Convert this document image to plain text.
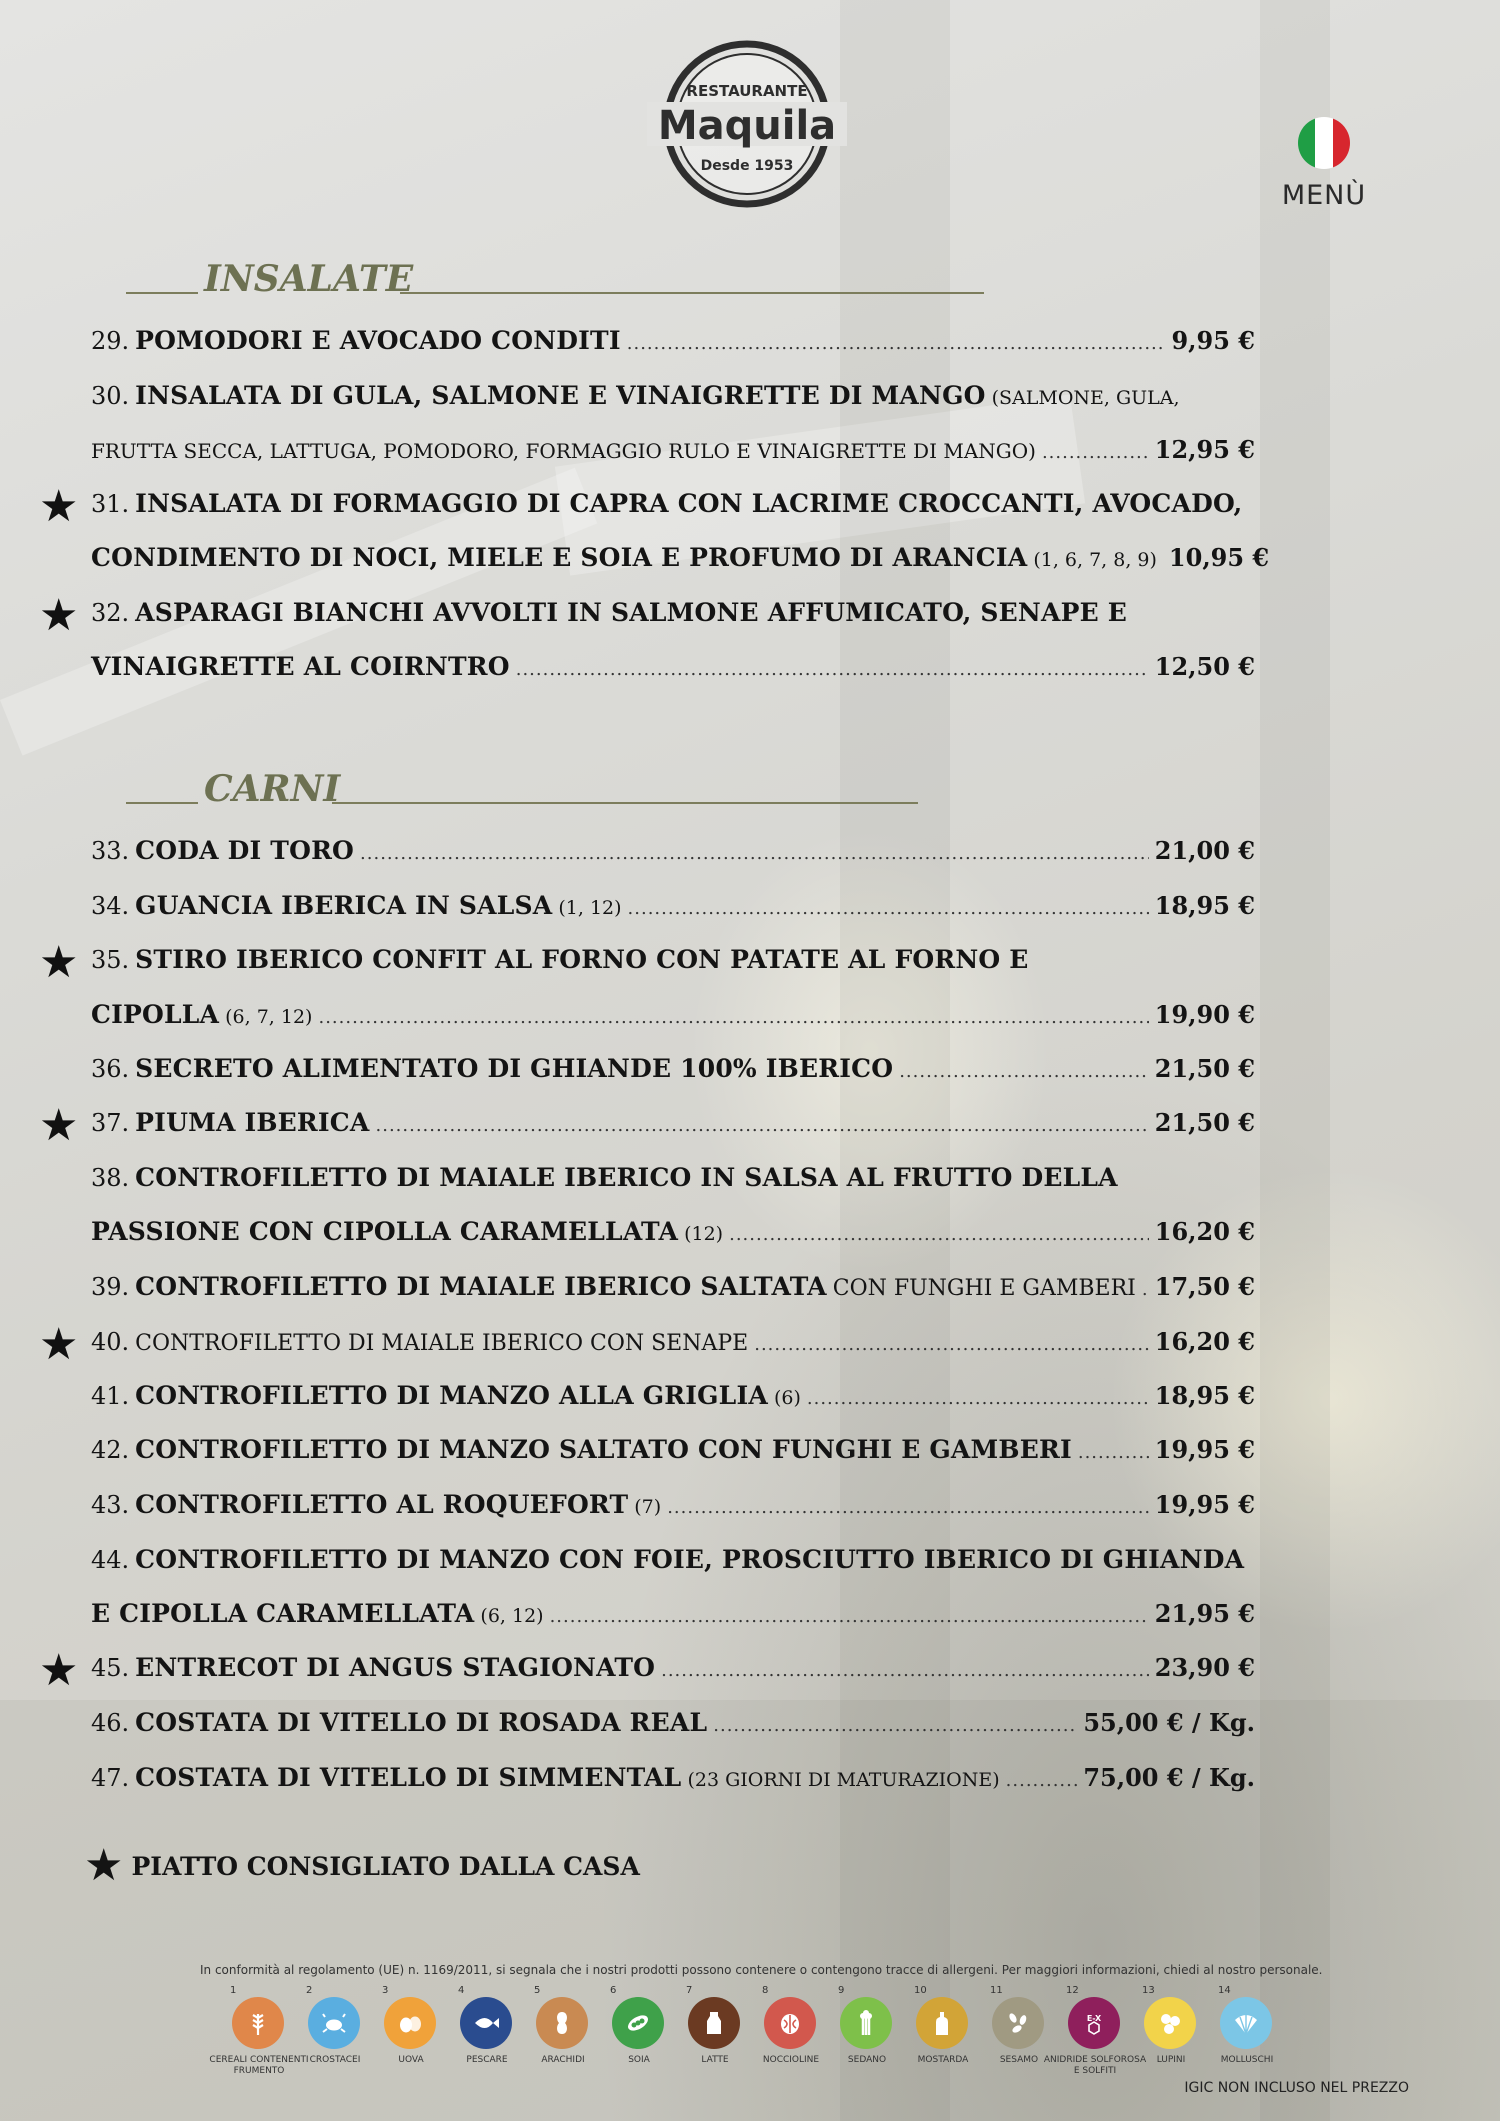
RESTAURANTE
Maquila
Desde 1953
MENÙ
INSALATE
29. POMODORI E AVOCADO CONDITI .....	9,95 €
30. INSALATA DI GULA, SALMONE E VINAIGRETTE DI MANGO (SALMONE, GULA,
FRUTTA SECCA, LATTUGA, POMODORO, FORMAGGIO RULO E VINAIGRETTE DI MANGO) .....	12,95 €
★ 31. INSALATA DI FORMAGGIO DI CAPRA CON LACRIME CROCCANTI, AVOCADO,
CONDIMENTO DI NOCI, MIELE E SOIA E PROFUMO DI ARANCIA (1, 6, 7, 8, 9) 10,95 €
★ 32. ASPARAGI BIANCHI AVVOLTI IN SALMONE AFFUMICATO, SENAPE E
VINAIGRETTE AL COIRNTRO .....	12,50 €
CARNI
33. CODA DI TORO .....	21,00 €
34. GUANCIA IBERICA IN SALSA (1, 12) .....	18,95 €
★ 35. STIRO IBERICO CONFIT AL FORNO CON PATATE AL FORNO E
CIPOLLA (6, 7, 12) .....	19,90 €
36. SECRETO ALIMENTATO DI GHIANDE 100% IBERICO .....	21,50 €
★ 37. PIUMA IBERICA .....	21,50 €
38. CONTROFILETTO DI MAIALE IBERICO IN SALSA AL FRUTTO DELLA
PASSIONE CON CIPOLLA CARAMELLATA (12) .....	16,20 €
39. CONTROFILETTO DI MAIALE IBERICO SALTATA CON FUNGHI E GAMBERI ..... 17,50 €
★ 40. CONTROFILETTO DI MAIALE IBERICO CON SENAPE .....	16,20 €
41. CONTROFILETTO DI MANZO ALLA GRIGLIA (6) .....	18,95 €
42. CONTROFILETTO DI MANZO SALTATO CON FUNGHI E GAMBERI .....	19,95 €
43. CONTROFILETTO AL ROQUEFORT (7) .....	19,95 €
44. CONTROFILETTO DI MANZO CON FOIE, PROSCIUTTO IBERICO DI GHIANDA
E CIPOLLA CARAMELLATA (6, 12) .....	21,95 €
★ 45. ENTRECOT DI ANGUS STAGIONATO .....	23,90 €
46. COSTATA DI VITELLO DI ROSADA REAL .....	55,00 € / Kg.
47. COSTATA DI VITELLO DI SIMMENTAL (23 GIORNI DI MATURAZIONE) .....	75,00 € / Kg.
★ PIATTO CONSIGLIATO DALLA CASA
In conformità al regolamento (UE) n. 1169/2011, si segnala che i nostri prodotti possono contenere o contengono tracce di allergeni. Per maggiori informazioni, chiedi al nostro personale.
1
CEREALI CONTENENTI FRUMENTO
2
CROSTACEI
3
UOVA
4
PESCARE
5
ARACHIDI
6
SOIA
7
LATTE
8
NOCCIOLINE
9
SEDANO
10
MOSTARDA
11
SESAMO
12
E-X
ANIDRIDE SOLFOROSA E SOLFITI
13
LUPINI
14
MOLLUSCHI
IGIC NON INCLUSO NEL PREZZO
